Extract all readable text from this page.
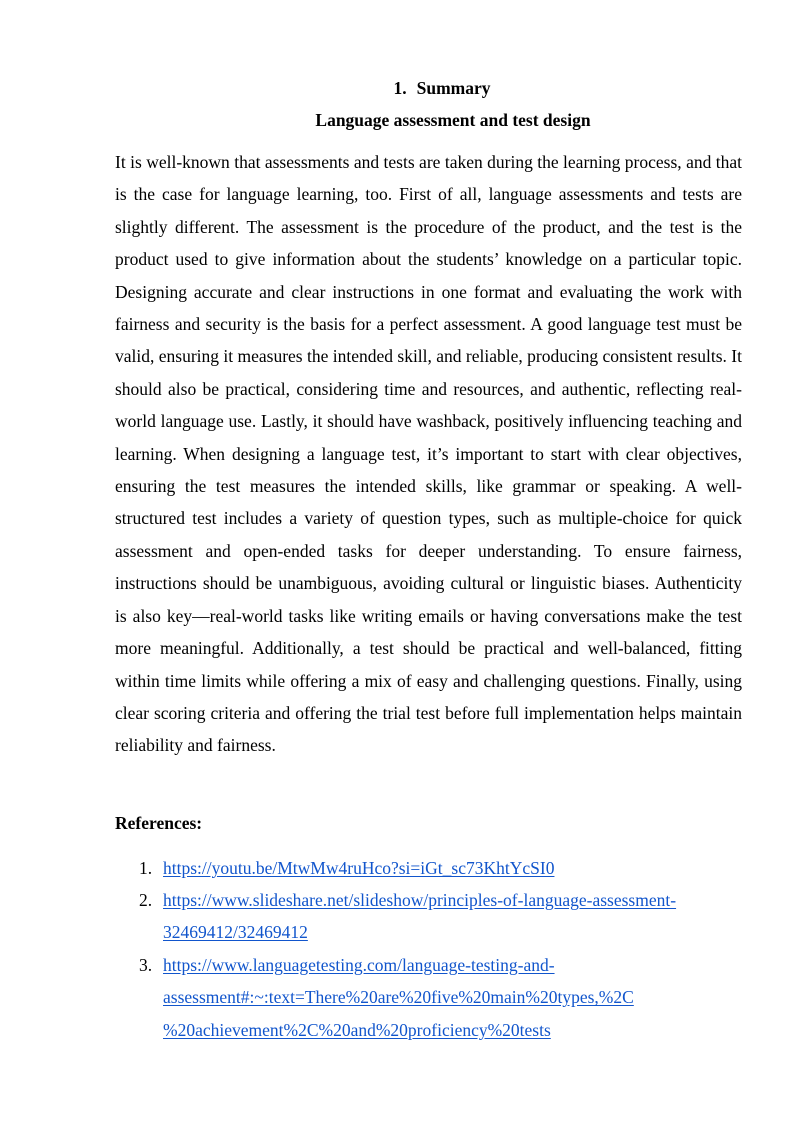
1. Summary
Language assessment and test design

It is well-known that assessments and tests are taken during the learning process, and that is the case for language learning, too. First of all, language assessments and tests are slightly different. The assessment is the procedure of the product, and the test is the product used to give information about the students’ knowledge on a particular topic. Designing accurate and clear instructions in one format and evaluating the work with fairness and security is the basis for a perfect assessment. A good language test must be valid, ensuring it measures the intended skill, and reliable, producing consistent results. It should also be practical, considering time and resources, and authentic, reflecting real-world language use. Lastly, it should have washback, positively influencing teaching and learning. When designing a language test, it’s important to start with clear objectives, ensuring the test measures the intended skills, like grammar or speaking. A well-structured test includes a variety of question types, such as multiple-choice for quick assessment and open-ended tasks for deeper understanding. To ensure fairness, instructions should be unambiguous, avoiding cultural or linguistic biases. Authenticity is also key—real-world tasks like writing emails or having conversations make the test more meaningful. Additionally, a test should be practical and well-balanced, fitting within time limits while offering a mix of easy and challenging questions. Finally, using clear scoring criteria and offering the trial test before full implementation helps maintain reliability and fairness.

References:
1. https://youtu.be/MtwMw4ruHco?si=iGt_sc73KhtYcSI0
2. https://www.slideshare.net/slideshow/principles-of-language-assessment-
32469412/32469412
3. https://www.languagetesting.com/language-testing-and-
assessment#:~:text=There%20are%20five%20main%20types,%2C
%20achievement%2C%20and%20proficiency%20tests
